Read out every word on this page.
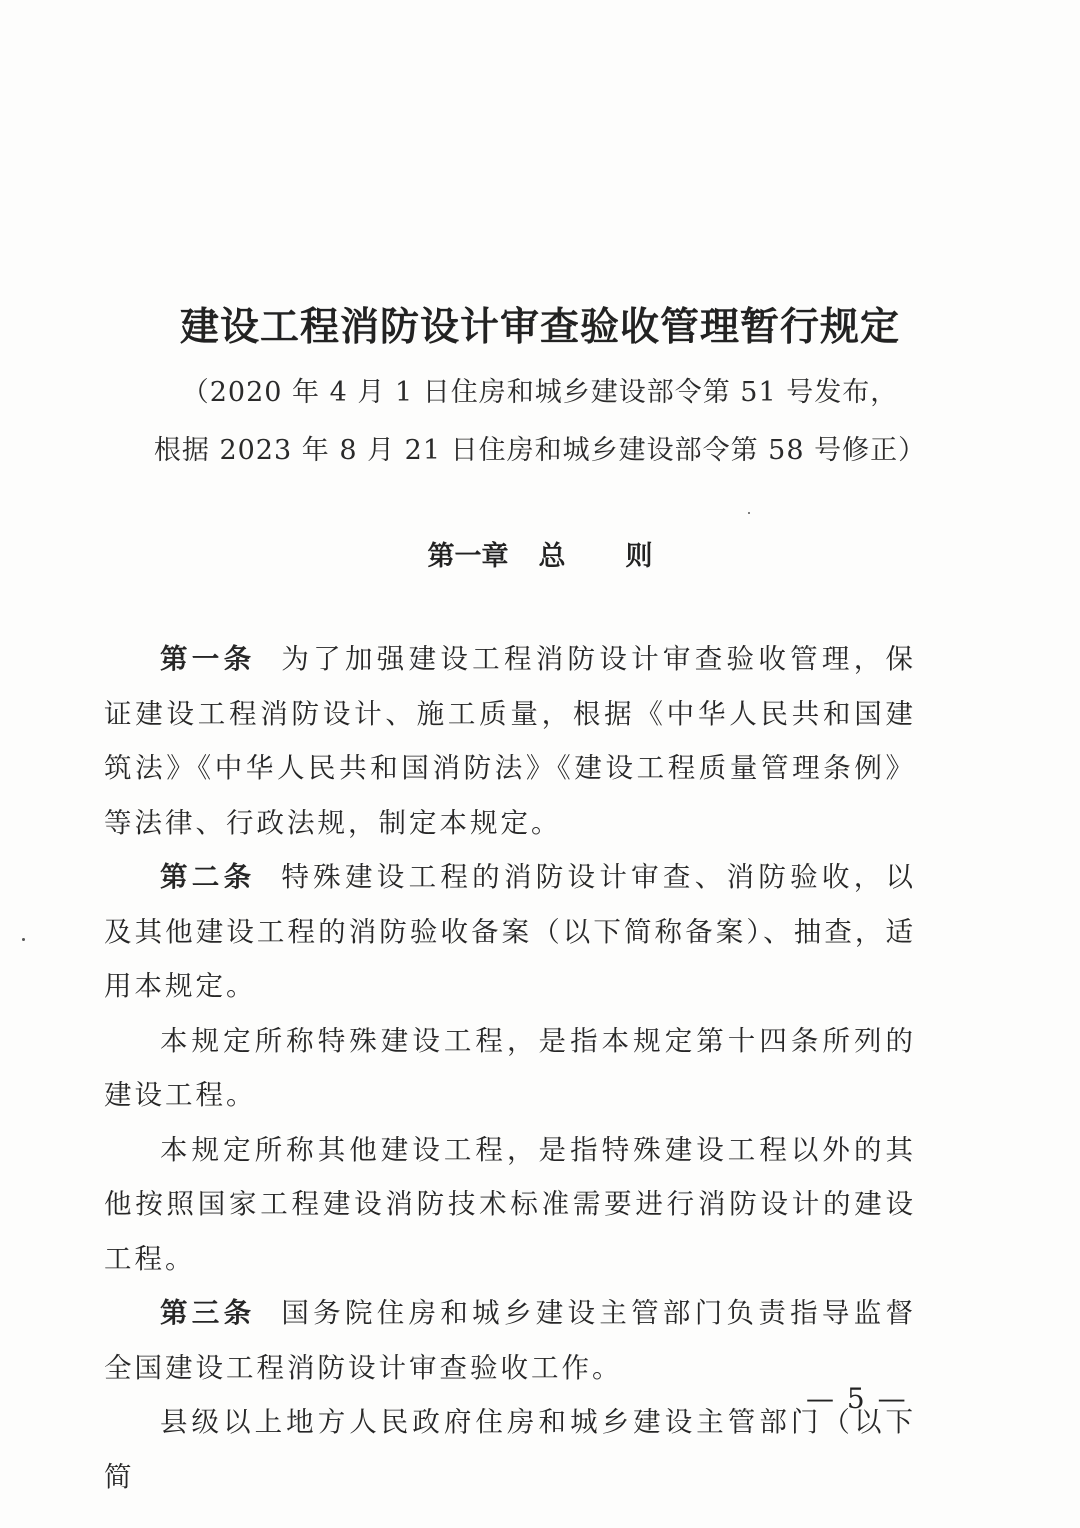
建设工程消防设计审查验收管理暂行规定
（2020 年 4 月 1 日住房和城乡建设部令第 51 号发布，
根据 2023 年 8 月 21 日住房和城乡建设部令第 58 号修正）
第一章 总 则

第一条 为了加强建设工程消防设计审查验收管理，保证建设工程消防设计、施工质量，根据《中华人民共和国建筑法》《中华人民共和国消防法》《建设工程质量管理条例》等法律、行政法规，制定本规定。

第二条 特殊建设工程的消防设计审查、消防验收，以及其他建设工程的消防验收备案（以下简称备案）、抽查，适用本规定。

本规定所称特殊建设工程，是指本规定第十四条所列的建设工程。

本规定所称其他建设工程，是指特殊建设工程以外的其他按照国家工程建设消防技术标准需要进行消防设计的建设工程。

第三条 国务院住房和城乡建设主管部门负责指导监督全国建设工程消防设计审查验收工作。

县级以上地方人民政府住房和城乡建设主管部门（以下简

— 5 —
